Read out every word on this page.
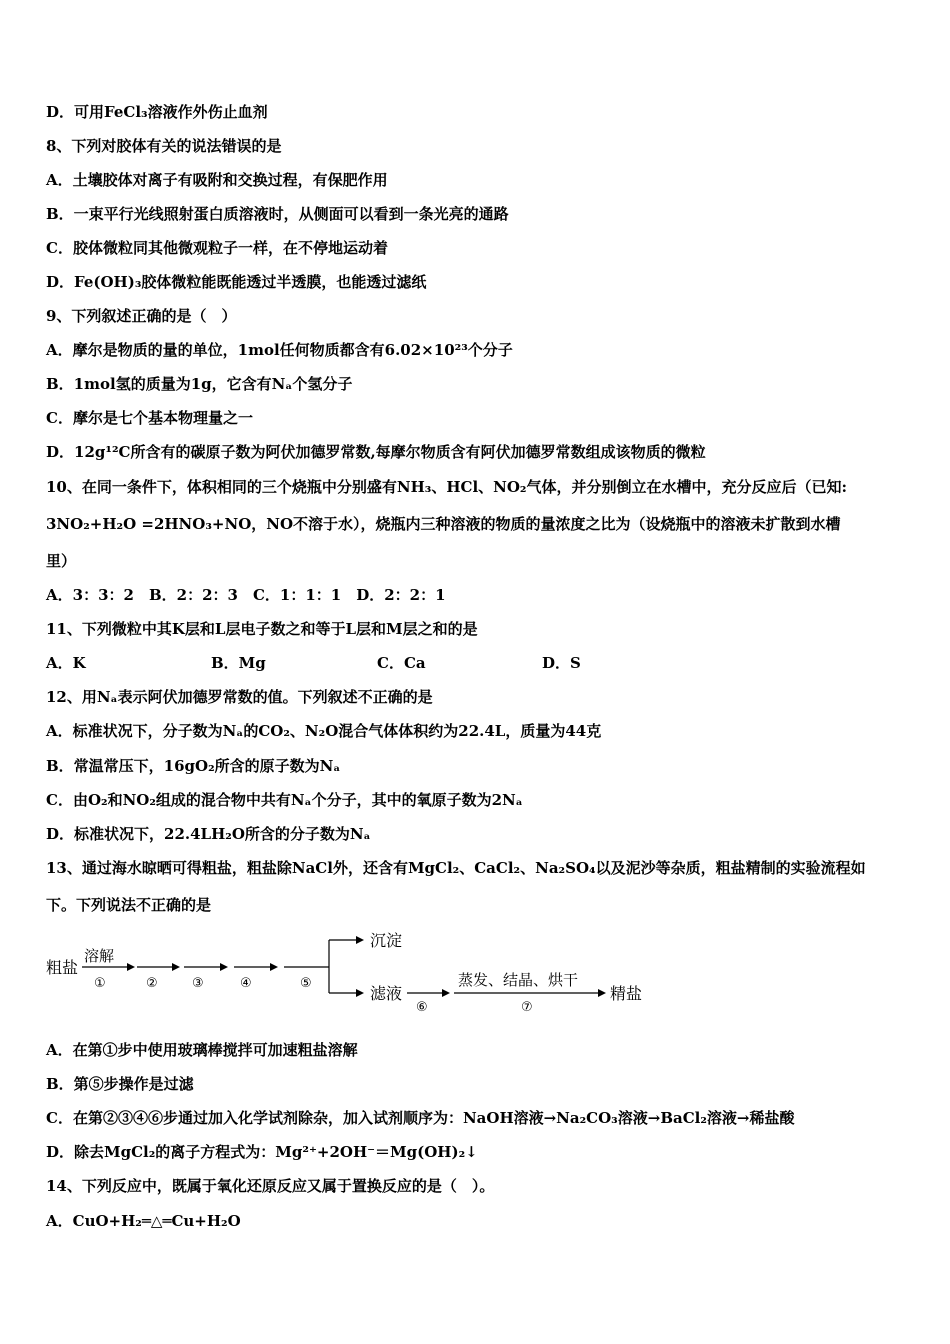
D．可用FeCl₃溶液作外伤止血剂
8、下列对胶体有关的说法错误的是
A．土壤胶体对离子有吸附和交换过程，有保肥作用
B．一束平行光线照射蛋白质溶液时，从侧面可以看到一条光亮的通路
C．胶体微粒同其他微观粒子一样，在不停地运动着
D．Fe(OH)₃胶体微粒能既能透过半透膜，也能透过滤纸
9、下列叙述正确的是（　）
A．摩尔是物质的量的单位，1mol任何物质都含有6.02×10²³个分子
B．1mol氢的质量为1g，它含有Nₐ个氢分子
C．摩尔是七个基本物理量之一
D．12g¹²C所含有的碳原子数为阿伏加德罗常数,每摩尔物质含有阿伏加德罗常数组成该物质的微粒
10、在同一条件下，体积相同的三个烧瓶中分别盛有NH₃、HCl、NO₂气体，并分别倒立在水槽中，充分反应后（已知:
3NO₂+H₂O =2HNO₃+NO，NO不溶于水），烧瓶内三种溶液的物质的量浓度之比为（设烧瓶中的溶液未扩散到水槽
里）
A．3：3：2　B．2：2：3　C．1：1：1　D．2：2：1
11、下列微粒中其K层和L层电子数之和等于L层和M层之和的是
A．K	B．Mg	C．Ca	D．S
12、用Nₐ表示阿伏加德罗常数的值。下列叙述不正确的是
A．标准状况下，分子数为Nₐ的CO₂、N₂O混合气体体积约为22.4L，质量为44克
B．常温常压下，16gO₂所含的原子数为Nₐ
C．由O₂和NO₂组成的混合物中共有Nₐ个分子，其中的氧原子数为2Nₐ
D．标准状况下，22.4LH₂O所含的分子数为Nₐ
13、通过海水晾晒可得粗盐，粗盐除NaCl外，还含有MgCl₂、CaCl₂、Na₂SO₄以及泥沙等杂质，粗盐精制的实验流程如
下。下列说法不正确的是
粗盐
溶解
①	②	③	④	⑤
沉淀
滤液
⑥
蒸发、结晶、烘干
⑦
精盐
A．在第①步中使用玻璃棒搅拌可加速粗盐溶解
B．第⑤步操作是过滤
C．在第②③④⑥步通过加入化学试剂除杂，加入试剂顺序为：NaOH溶液→Na₂CO₃溶液→BaCl₂溶液→稀盐酸
D．除去MgCl₂的离子方程式为：Mg²⁺+2OH⁻＝Mg(OH)₂↓
14、下列反应中，既属于氧化还原反应又属于置换反应的是（　）。
A．CuO+H₂═△═Cu+H₂O
